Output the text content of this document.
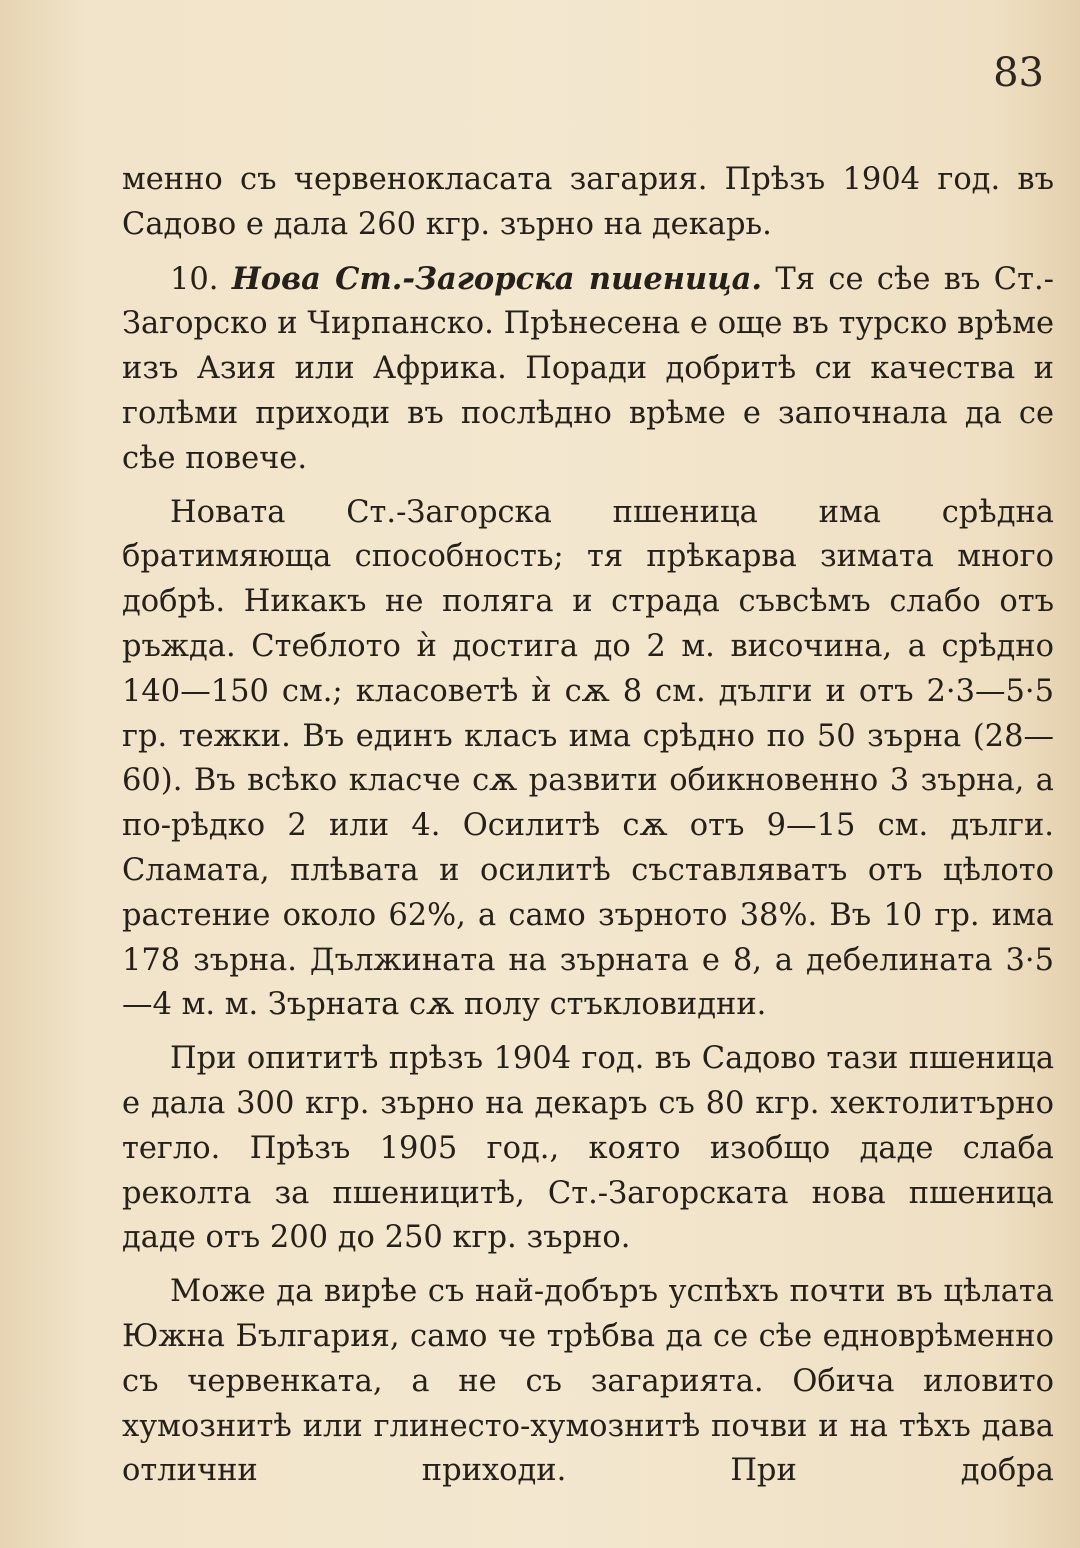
83

менно съ червенокласата загария. Прѣзъ 1904 год. въ Садово е дала 260 кгр. зърно на декарь.

10. Нова Ст.-Загорска пшеница. Тя се сѣе въ Ст.-Загорско и Чирпанско. Прѣнесена е още въ турско врѣме изъ Азия или Африка. Поради добритѣ си качества и голѣми приходи въ послѣдно врѣме е започнала да се сѣе повече.

Новата Ст.-Загорска пшеница има срѣдна братимяюща способность; тя прѣкарва зимата много добрѣ. Никакъ не поляга и страда съвсѣмъ слабо отъ ръжда. Стеблото ѝ достига до 2 м. височина, а срѣдно 140—150 см.; класоветѣ ѝ сѫ 8 см. дълги и отъ 2·3—5·5 гр. тежки. Въ единъ класъ има срѣдно по 50 зърна (28—60). Въ всѣко класче сѫ развити обикновенно 3 зърна, а по-рѣдко 2 или 4. Осилитѣ сѫ отъ 9—15 см. дълги. Сламата, плѣвата и осилитѣ съставляватъ отъ цѣлото растение около 62%, а само зърното 38%. Въ 10 гр. има 178 зърна. Дължината на зърната е 8, а дебелината 3·5—4 м. м. Зърната сѫ полу стъкловидни.

При опититѣ прѣзъ 1904 год. въ Садово тази пшеница е дала 300 кгр. зърно на декаръ съ 80 кгр. хектолитърно тегло. Прѣзъ 1905 год., която изобщо даде слаба реколта за пшеницитѣ, Ст.-Загорската нова пшеница даде отъ 200 до 250 кгр. зърно.

Може да вирѣе съ най-добъръ успѣхъ почти въ цѣлата Южна България, само че трѣбва да се сѣе едноврѣменно съ червенката, а не съ загарията. Обича иловито хумознитѣ или глинесто-хумознитѣ почви и на тѣхъ дава отлични приходи. При добра
